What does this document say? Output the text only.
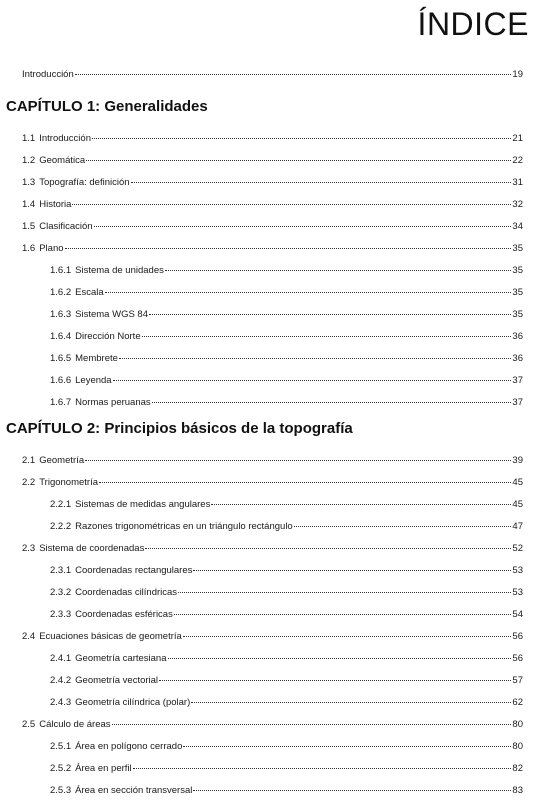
ÍNDICE
Introducción	19
CAPÍTULO 1: Generalidades
1.1 Introducción	21
1.2 Geomática	22
1.3 Topografía: definición	31
1.4 Historia	32
1.5 Clasificación	34
1.6 Plano	35
1.6.1 Sistema de unidades	35
1.6.2 Escala	35
1.6.3 Sistema WGS 84	35
1.6.4 Dirección Norte	36
1.6.5 Membrete	36
1.6.6 Leyenda	37
1.6.7 Normas peruanas	37
CAPÍTULO 2: Principios básicos de la topografía
2.1 Geometría	39
2.2 Trigonometría	45
2.2.1 Sistemas de medidas angulares	45
2.2.2 Razones trigonométricas en un triángulo rectángulo	47
2.3 Sistema de coordenadas	52
2.3.1 Coordenadas rectangulares	53
2.3.2 Coordenadas cilíndricas	53
2.3.3 Coordenadas esféricas	54
2.4 Ecuaciones básicas de geometría	56
2.4.1 Geometría cartesiana	56
2.4.2 Geometría vectorial	57
2.4.3 Geometría cilíndrica (polar)	62
2.5 Cálculo de áreas	80
2.5.1 Área en polígono cerrado	80
2.5.2 Área en perfil	82
2.5.3 Área en sección transversal	83
